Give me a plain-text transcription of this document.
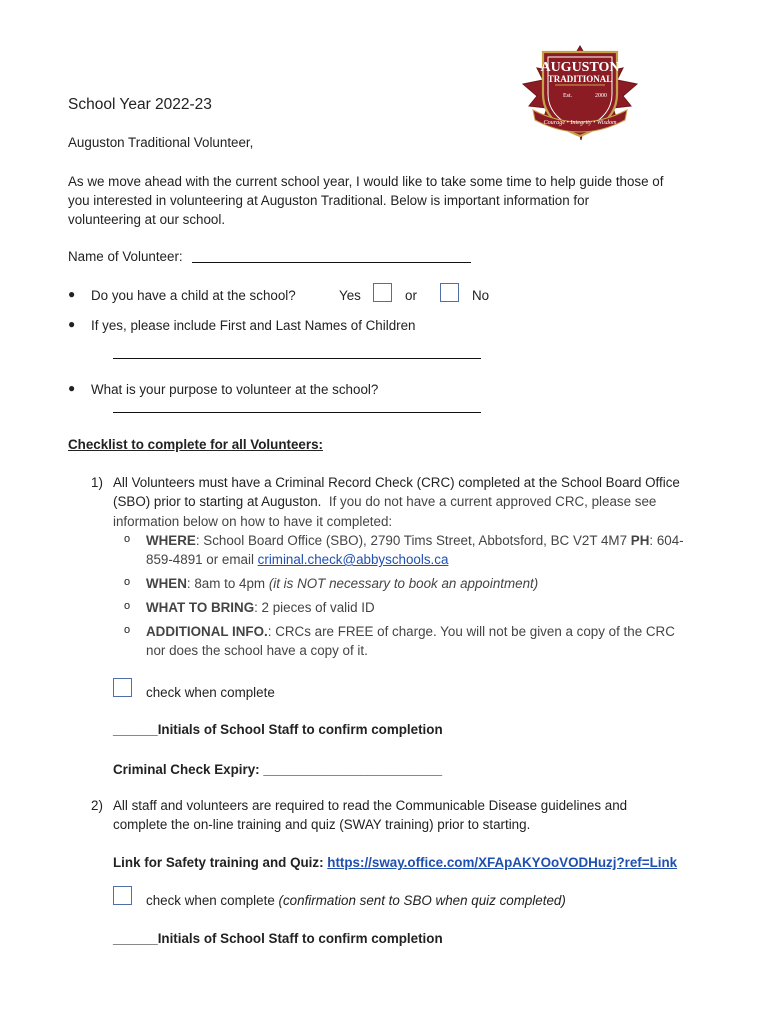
AUGUSTON
TRADITIONAL
Est.	2000
Courage • Integrity • Wisdom
School Year 2022-23
Auguston Traditional Volunteer,
As we move ahead with the current school year, I would like to take some time to help guide those of
you interested in volunteering at Auguston Traditional. Below is important information for
volunteering at our school.
Name of Volunteer:
● Do you have a child at the school?	Yes	or	No
● If yes, please include First and Last Names of Children
● What is your purpose to volunteer at the school?
Checklist to complete for all Volunteers:
1) All Volunteers must have a Criminal Record Check (CRC) completed at the School Board Office
(SBO) prior to starting at Auguston. If you do not have a current approved CRC, please see
information below on how to have it completed:
o WHERE: School Board Office (SBO), 2790 Tims Street, Abbotsford, BC V2T 4M7 PH: 604-
859-4891 or email criminal.check@abbyschools.ca
o WHEN: 8am to 4pm (it is NOT necessary to book an appointment)
o WHAT TO BRING: 2 pieces of valid ID
o ADDITIONAL INFO.: CRCs are FREE of charge. You will not be given a copy of the CRC
nor does the school have a copy of it.
check when complete
______Initials of School Staff to confirm completion
Criminal Check Expiry: ________________________
2) All staff and volunteers are required to read the Communicable Disease guidelines and
complete the on-line training and quiz (SWAY training) prior to starting.
Link for Safety training and Quiz: https://sway.office.com/XFApAKYOoVODHuzj?ref=Link
check when complete (confirmation sent to SBO when quiz completed)
______Initials of School Staff to confirm completion
